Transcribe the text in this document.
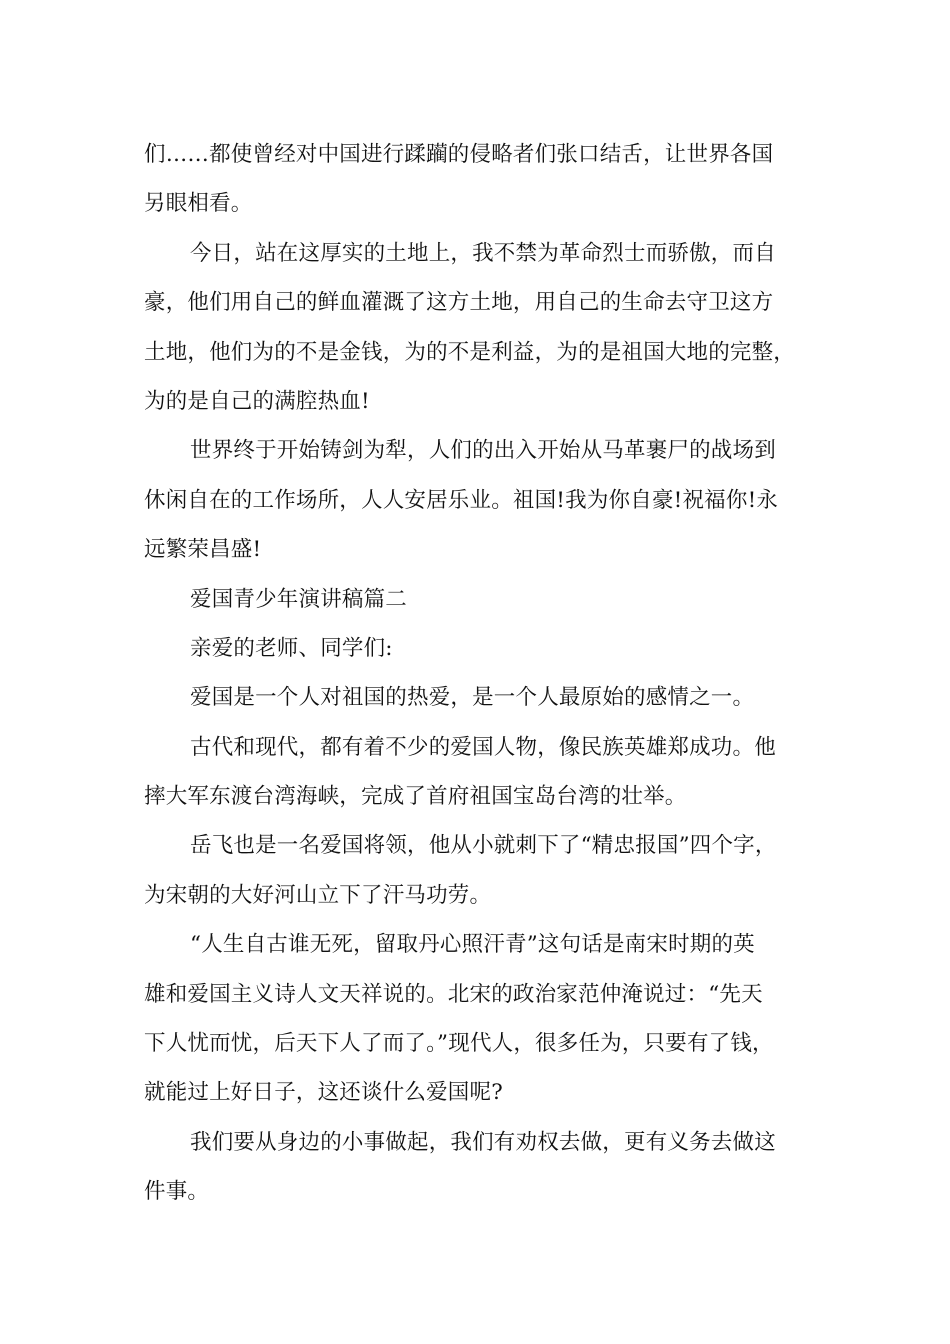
们……都使曾经对中国进行蹂躏的侵略者们张口结舌，让世界各国
另眼相看。
今日，站在这厚实的土地上，我不禁为革命烈士而骄傲，而自
豪，他们用自己的鲜血灌溉了这方土地，用自己的生命去守卫这方
土地，他们为的不是金钱，为的不是利益，为的是祖国大地的完整，
为的是自己的满腔热血!
世界终于开始铸剑为犁，人们的出入开始从马革裹尸的战场到
休闲自在的工作场所，人人安居乐业。祖国!我为你自豪!祝福你!永
远繁荣昌盛!
爱国青少年演讲稿篇二
亲爱的老师、同学们:
爱国是一个人对祖国的热爱，是一个人最原始的感情之一。
古代和现代，都有着不少的爱国人物，像民族英雄郑成功。他
摔大军东渡台湾海峡，完成了首府祖国宝岛台湾的壮举。
岳飞也是一名爱国将领，他从小就刺下了“精忠报国”四个字，
为宋朝的大好河山立下了汗马功劳。
“人生自古谁无死，留取丹心照汗青”这句话是南宋时期的英
雄和爱国主义诗人文天祥说的。北宋的政治家范仲淹说过：“先天
下人忧而忧，后天下人了而了。”现代人，很多任为，只要有了钱，
就能过上好日子，这还谈什么爱国呢?
我们要从身边的小事做起，我们有劝权去做，更有义务去做这
件事。
